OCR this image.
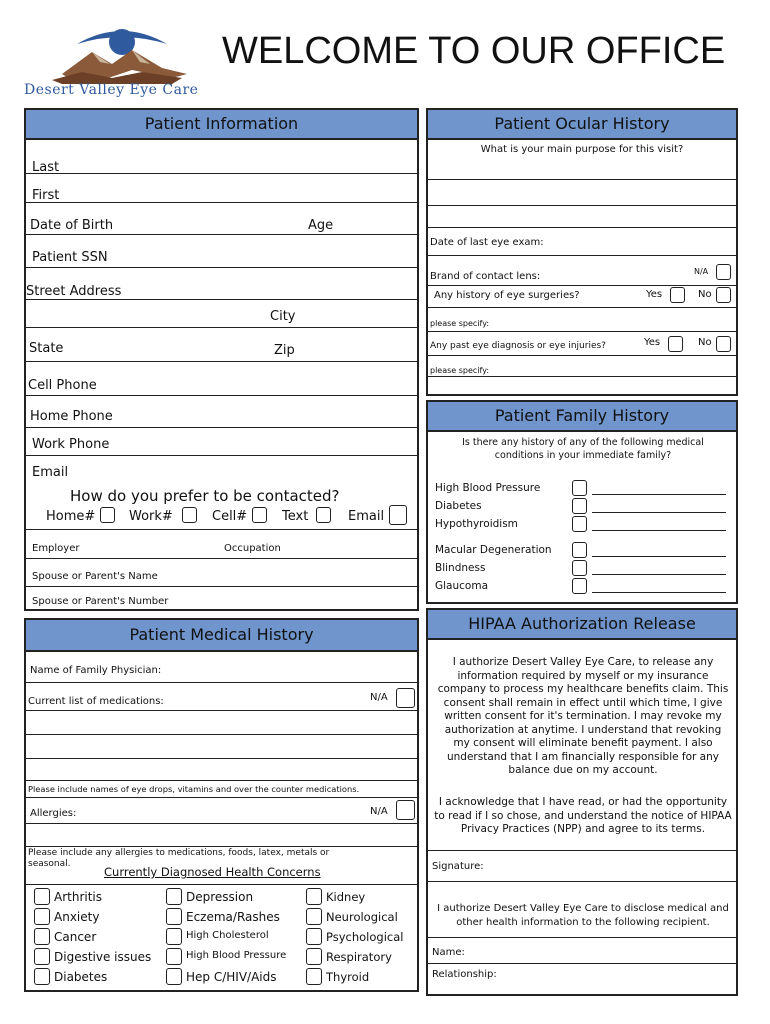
Desert Valley Eye Care
WELCOME TO OUR OFFICE
Patient Information
Last
First
Date of Birth	Age
Patient SSN
Street Address
City
State	Zip
Cell Phone
Home Phone
Work Phone
Email
How do you prefer to be contacted?
Home#	Work#	Cell#	Text	Email
Employer	Occupation
Spouse or Parent's Name
Spouse or Parent's Number
Patient Ocular History
What is your main purpose for this visit?
Date of last eye exam:
N/A
Brand of contact lens:
Any history of eye surgeries?	Yes	No
please specify:
Any past eye diagnosis or eye injuries?	Yes	No
please specify:
Patient Family History
Is there any history of any of the following medical conditions in your immediate family?
High Blood Pressure
Diabetes
Hypothyroidism
Macular Degeneration
Blindness
Glaucoma
HIPAA Authorization Release
I authorize Desert Valley Eye Care, to release any information required by myself or my insurance company to process my healthcare benefits claim. This consent shall remain in effect until which time, I give written consent for it's termination. I may revoke my authorization at anytime. I understand that revoking my consent will eliminate benefit payment. I also understand that I am financially responsible for any balance due on my account.
I acknowledge that I have read, or had the opportunity to read if I so chose, and understand the notice of HIPAA Privacy Practices (NPP) and agree to its terms.
Signature:
I authorize Desert Valley Eye Care to disclose medical and other health information to the following recipient.
Name:
Relationship:
Patient Medical History
Name of Family Physician:
Current list of medications:	N/A
Please include names of eye drops, vitamins and over the counter medications.
Allergies:	N/A
Please include any allergies to medications, foods, latex, metals or seasonal.
Currently Diagnosed Health Concerns
Arthritis
Anxiety
Cancer
Digestive issues
Diabetes
Depression
Eczema/Rashes
High Cholesterol
High Blood Pressure
Hep C/HIV/Aids
Kidney
Neurological
Psychological
Respiratory
Thyroid
